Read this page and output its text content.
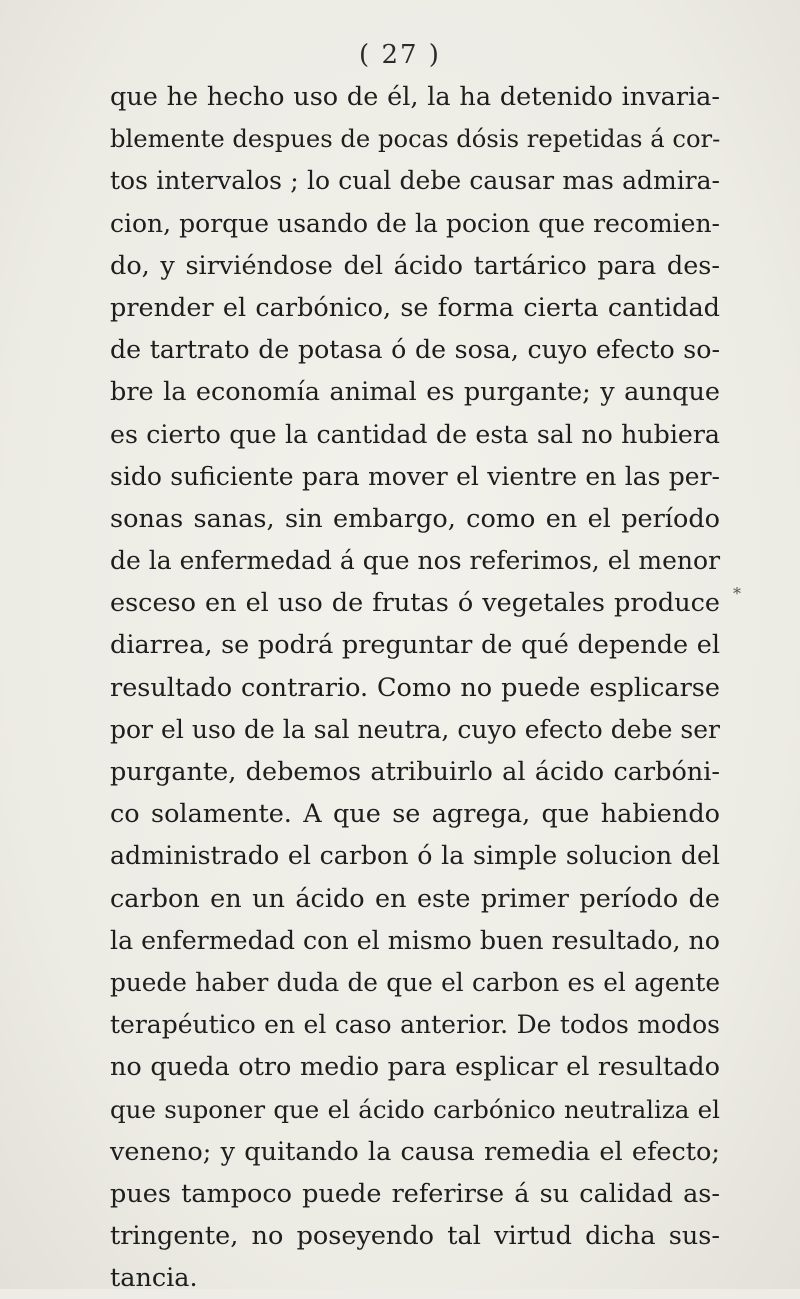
( 27 )
*
que he hecho uso de él, la ha detenido invaria-
blemente despues de pocas dósis repetidas á cor-
tos intervalos ; lo cual debe causar mas admira-
cion, porque usando de la pocion que recomien-
do, y sirviéndose del ácido tartárico para des-
prender el carbónico, se forma cierta cantidad
de tartrato de potasa ó de sosa, cuyo efecto so-
bre la economía animal es purgante; y aunque
es cierto que la cantidad de esta sal no hubiera
sido suficiente para mover el vientre en las per-
sonas sanas, sin embargo, como en el período
de la enfermedad á que nos referimos, el menor
esceso en el uso de frutas ó vegetales produce
diarrea, se podrá preguntar de qué depende el
resultado contrario. Como no puede esplicarse
por el uso de la sal neutra, cuyo efecto debe ser
purgante, debemos atribuirlo al ácido carbóni-
co solamente. A que se agrega, que habiendo
administrado el carbon ó la simple solucion del
carbon en un ácido en este primer período de
la enfermedad con el mismo buen resultado, no
puede haber duda de que el carbon es el agente
terapéutico en el caso anterior. De todos modos
no queda otro medio para esplicar el resultado
que suponer que el ácido carbónico neutraliza el
veneno; y quitando la causa remedia el efecto;
pues tampoco puede referirse á su calidad as-
tringente, no poseyendo tal virtud dicha sus-
tancia.
